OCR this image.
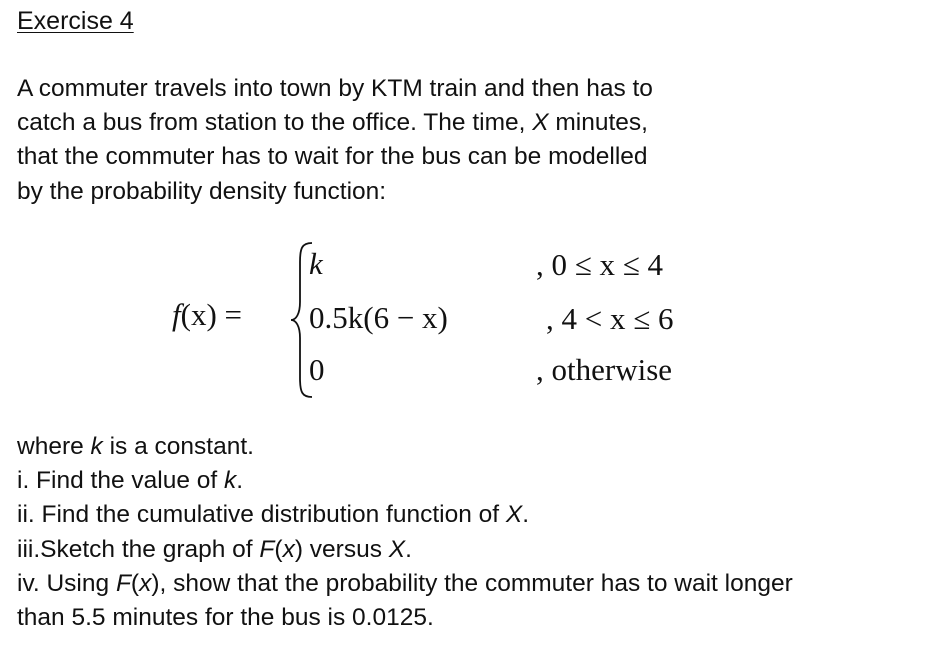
Exercise 4
A commuter travels into town by KTM train and then has to
catch a bus from station to the office. The time, X minutes,
that the commuter has to wait for the bus can be modelled
by the probability density function:
f(x) =
k
0.5k(6 − x)
0
, 0 ≤ x ≤ 4
, 4 < x ≤ 6
, otherwise
where k is a constant.
i. Find the value of k.
ii. Find the cumulative distribution function of X.
iii.Sketch the graph of F(x) versus X.
iv. Using F(x), show that the probability the commuter has to wait longer
than 5.5 minutes for the bus is 0.0125.
